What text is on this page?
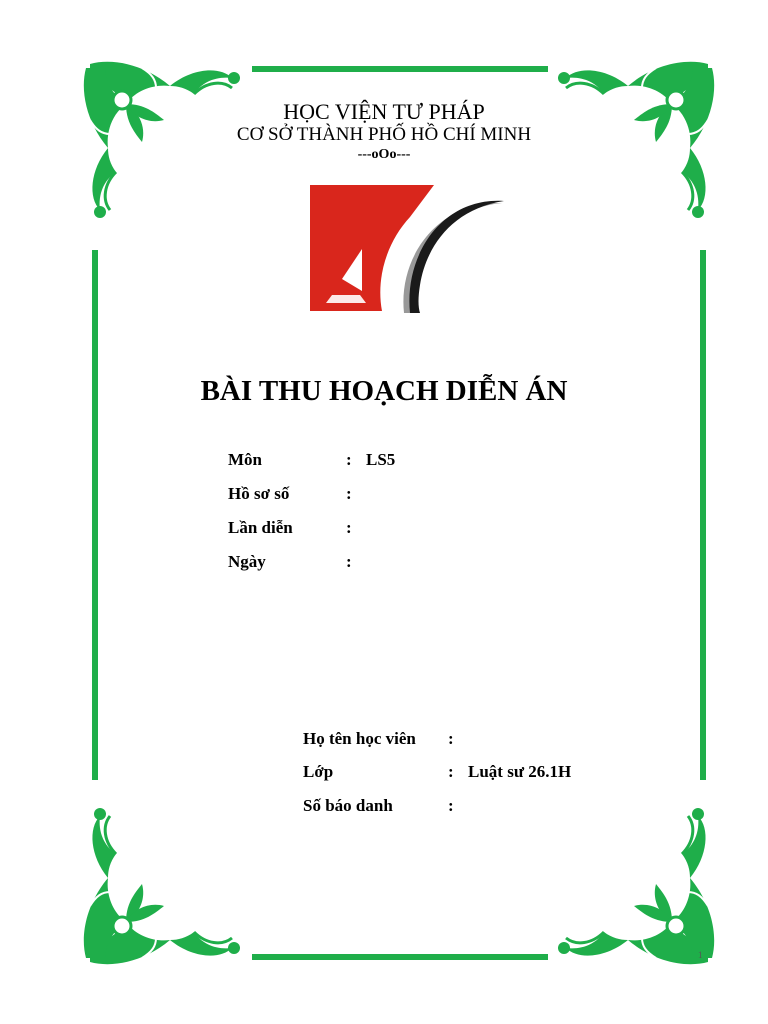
HỌC VIỆN TƯ PHÁP

CƠ SỞ THÀNH PHỐ HỒ CHÍ MINH

---oOo---

BÀI THU HOẠCH DIỄN ÁN
Môn	: LS5
Hồ sơ số	:
Lần diễn	:
Ngày	:
Họ tên học viên :
Lớp	: Luật sư 26.1H
Số báo danh	:
1
